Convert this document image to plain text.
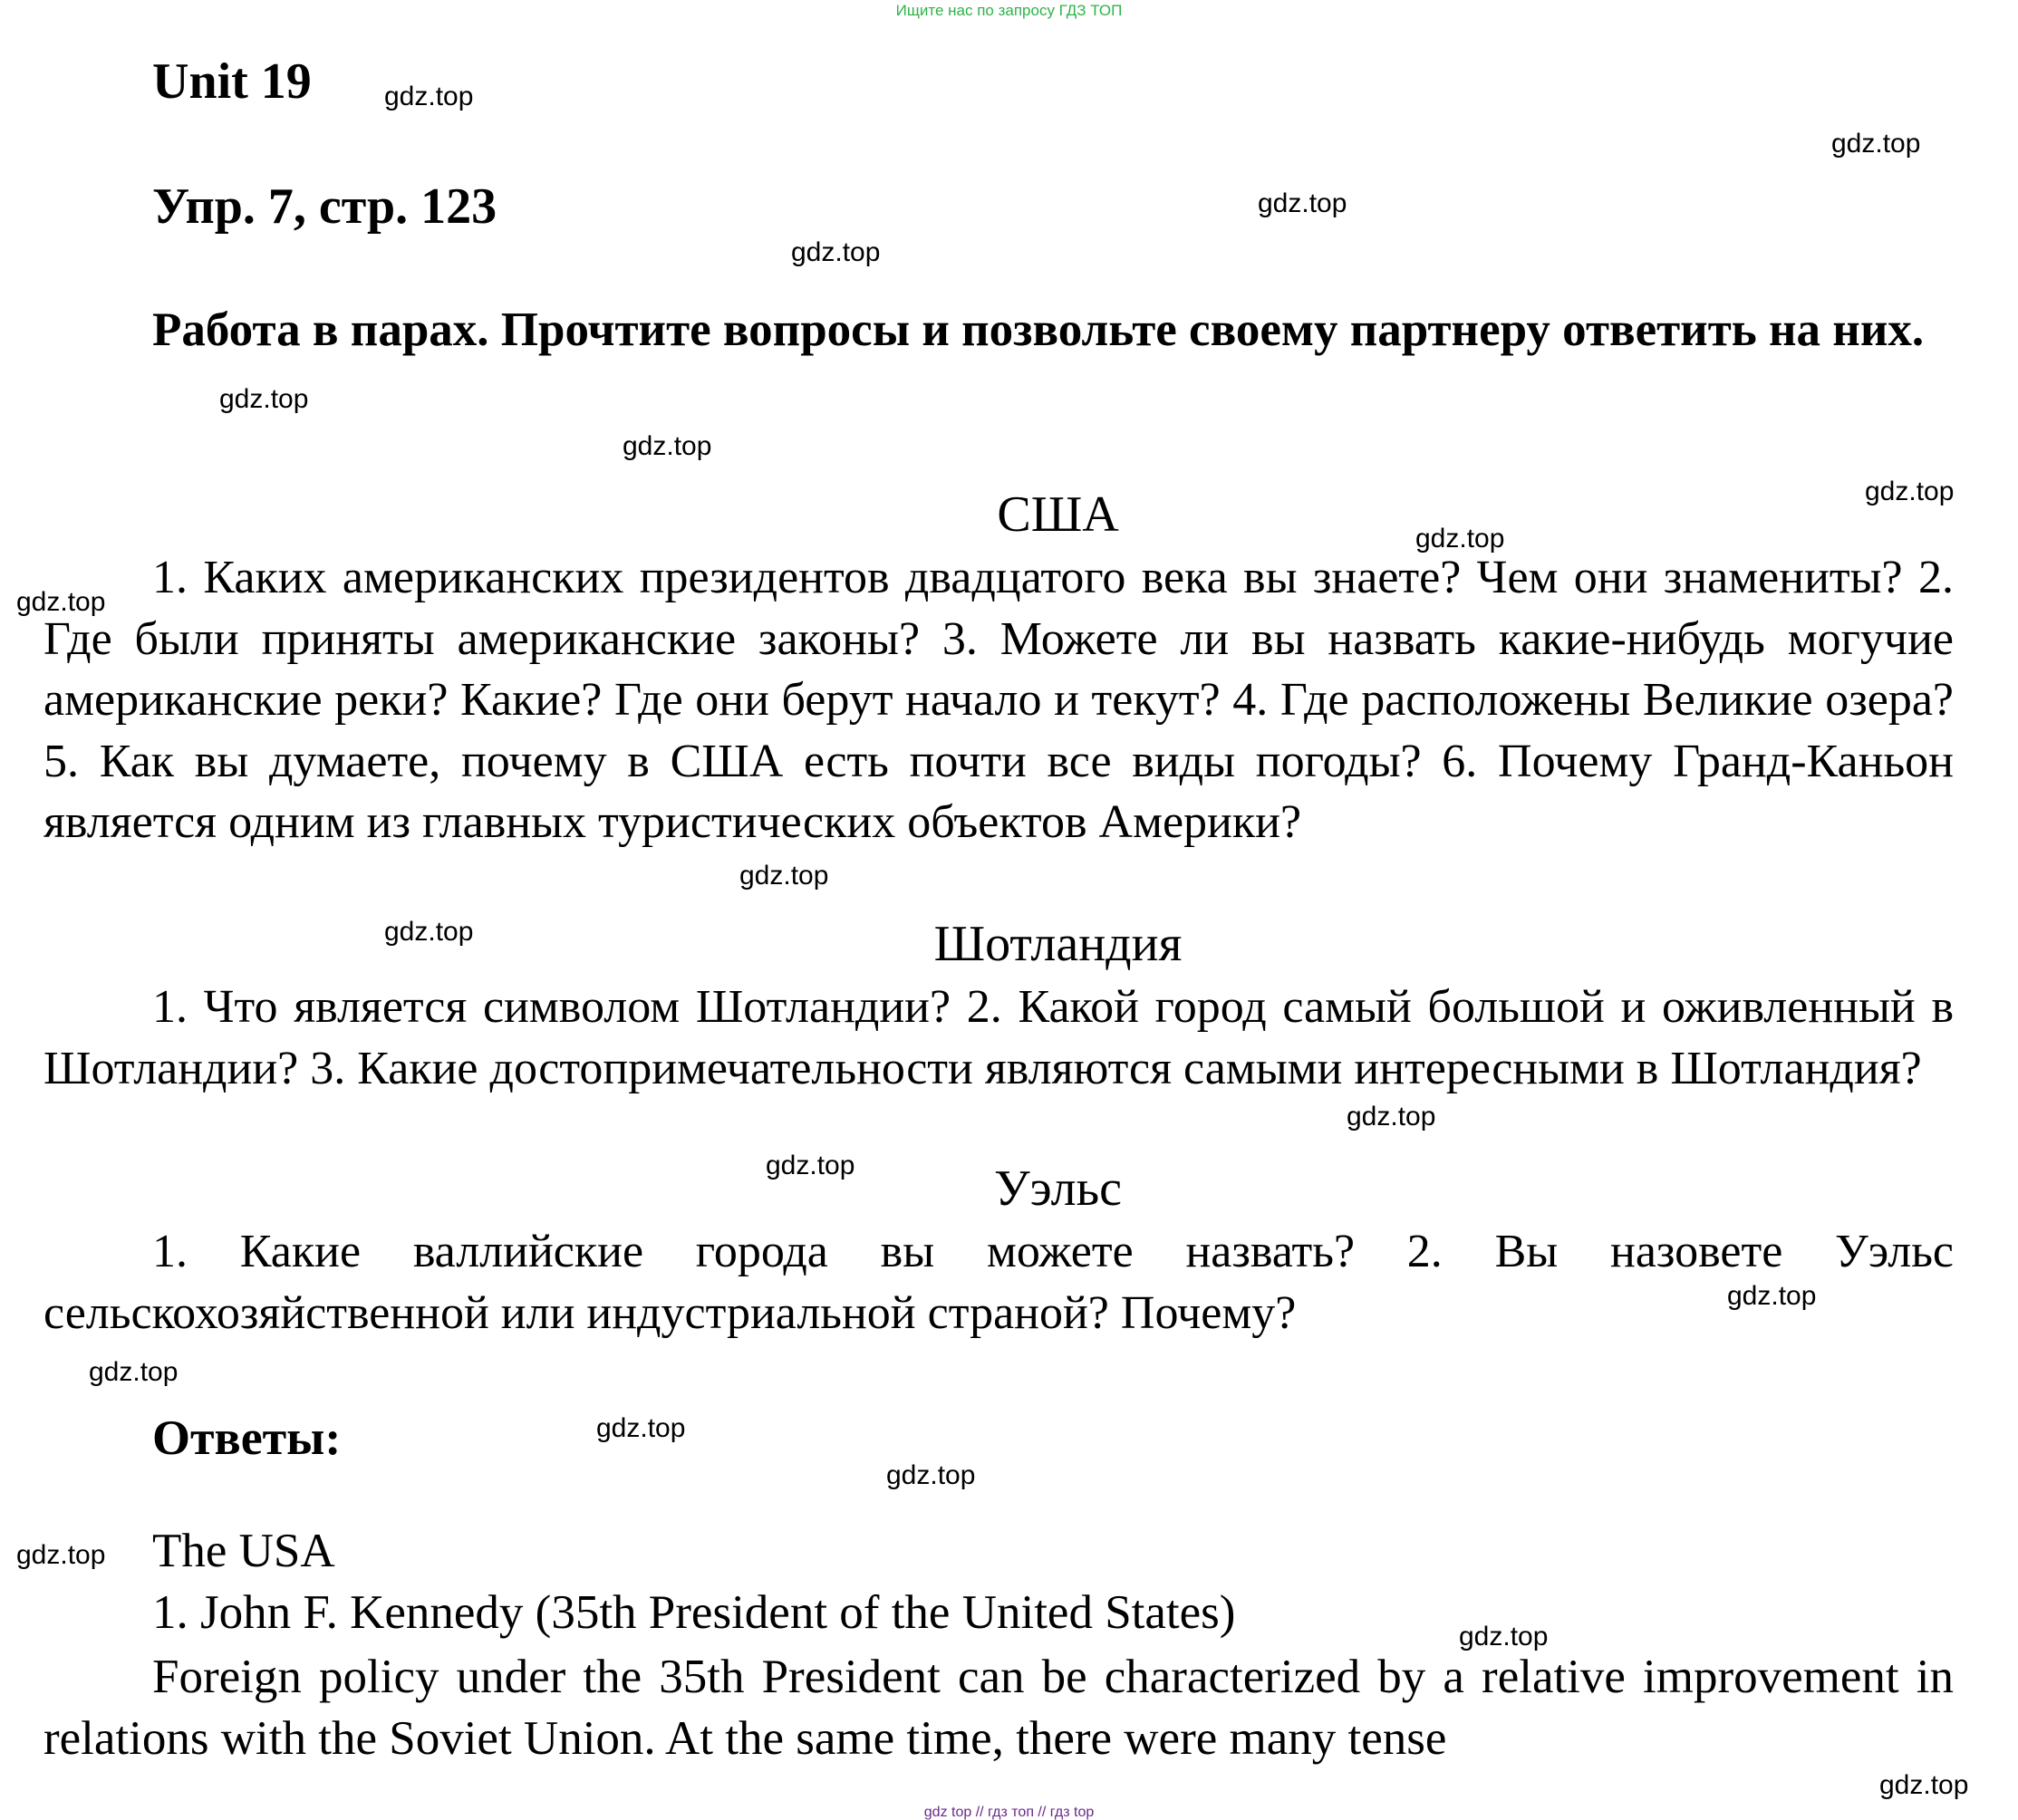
Ищите нас по запросу ГДЗ ТОП
Unit 19
Упр. 7, стр. 123
Работа в парах. Прочтите вопросы и позвольте своему партнеру ответить на них.
США
1. Каких американских президентов двадцатого века вы знаете? Чем они знамениты? 2. Где были приняты американские законы? 3. Можете ли вы назвать какие-нибудь могучие американские реки? Какие? Где они берут начало и текут? 4. Где расположены Великие озера? 5. Как вы думаете, почему в США есть почти все виды погоды? 6. Почему Гранд-Каньон является одним из главных туристических объектов Америки?
Шотландия
1. Что является символом Шотландии? 2. Какой город самый большой и оживленный в Шотландии? 3. Какие достопримечательности являются самыми интересными в Шотландия?
Уэльс
1. Какие валлийские города вы можете назвать? 2. Вы назовете Уэльс сельскохозяйственной или индустриальной страной? Почему?
Ответы:
The USA
1. John F. Kennedy (35th President of the United States)
Foreign policy under the 35th President can be characterized by a relative improvement in relations with the Soviet Union. At the same time, there were many tense
gdz.top
gdz.top
gdz.top
gdz.top
gdz.top
gdz.top
gdz.top
gdz.top
gdz.top
gdz.top
gdz.top
gdz.top
gdz.top
gdz.top
gdz.top
gdz.top
gdz.top
gdz.top
gdz.top
gdz.top
gdz top // гдз топ // гдз top
